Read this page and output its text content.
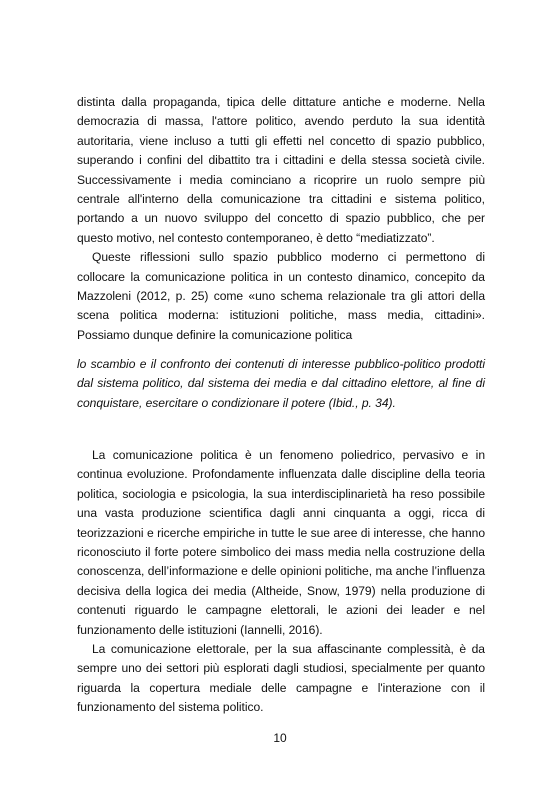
distinta dalla propaganda, tipica delle dittature antiche e moderne. Nella democrazia di massa, l'attore politico, avendo perduto la sua identità autoritaria, viene incluso a tutti gli effetti nel concetto di spazio pubblico, superando i confini del dibattito tra i cittadini e della stessa società civile. Successivamente i media cominciano a ricoprire un ruolo sempre più centrale all'interno della comunicazione tra cittadini e sistema politico, portando a un nuovo sviluppo del concetto di spazio pubblico, che per questo motivo, nel contesto contemporaneo, è detto “mediatizzato”.

Queste riflessioni sullo spazio pubblico moderno ci permettono di collocare la comunicazione politica in un contesto dinamico, concepito da Mazzoleni (2012, p. 25) come «uno schema relazionale tra gli attori della scena politica moderna: istituzioni politiche, mass media, cittadini». Possiamo dunque definire la comunicazione politica

lo scambio e il confronto dei contenuti di interesse pubblico-politico prodotti dal sistema politico, dal sistema dei media e dal cittadino elettore, al fine di conquistare, esercitare o condizionare il potere (Ibid., p. 34).

La comunicazione politica è un fenomeno poliedrico, pervasivo e in continua evoluzione. Profondamente influenzata dalle discipline della teoria politica, sociologia e psicologia, la sua interdisciplinarietà ha reso possibile una vasta produzione scientifica dagli anni cinquanta a oggi, ricca di teorizzazioni e ricerche empiriche in tutte le sue aree di interesse, che hanno riconosciuto il forte potere simbolico dei mass media nella costruzione della conoscenza, dell’informazione e delle opinioni politiche, ma anche l’influenza decisiva della logica dei media (Altheide, Snow, 1979) nella produzione di contenuti riguardo le campagne elettorali, le azioni dei leader e nel funzionamento delle istituzioni (Iannelli, 2016).

La comunicazione elettorale, per la sua affascinante complessità, è da sempre uno dei settori più esplorati dagli studiosi, specialmente per quanto riguarda la copertura mediale delle campagne e l'interazione con il funzionamento del sistema politico.

10
